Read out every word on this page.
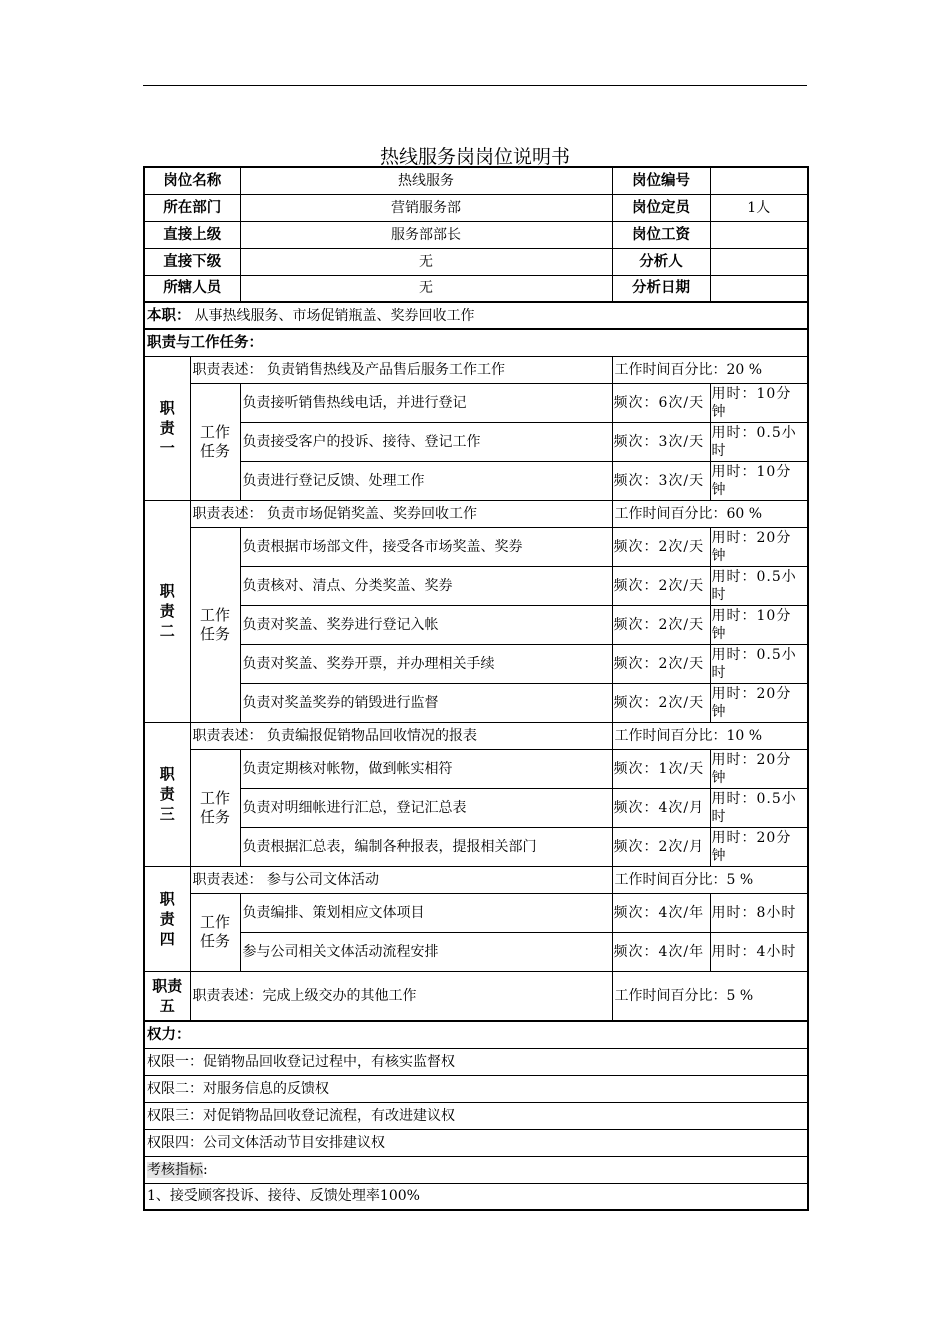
热线服务岗岗位说明书
岗位名称		热线服务	岗位编号	
所在部门		营销服务部	岗位定员	1人
直接上级		服务部部长	岗位工资	
直接下级		无	分析人	
所辖人员		无	分析日期	
本职： 从事热线服务、市场促销瓶盖、奖券回收工作				
职责与工作任务：				
职责一	职责表述： 负责销售热线及产品售后服务工作工作		工作时间百分比：20 %	
	工作任务	负责接听销售热线电话，并进行登记	频次：6次/天	用时：10分钟
		负责接受客户的投诉、接待、登记工作	频次：3次/天	用时：0.5小时
		负责进行登记反馈、处理工作	频次：3次/天	用时：10分钟
职责二	职责表述： 负责市场促销奖盖、奖券回收工作		工作时间百分比：60 %	
	工作任务	负责根据市场部文件，接受各市场奖盖、奖券	频次：2次/天	用时：20分钟
		负责核对、清点、分类奖盖、奖券	频次：2次/天	用时：0.5小时
		负责对奖盖、奖券进行登记入帐	频次：2次/天	用时：10分钟
		负责对奖盖、奖券开票，并办理相关手续	频次：2次/天	用时：0.5小时
		负责对奖盖奖券的销毁进行监督	频次：2次/天	用时：20分钟
职责三	职责表述： 负责编报促销物品回收情况的报表		工作时间百分比：10 %	
	工作任务	负责定期核对帐物，做到帐实相符	频次：1次/天	用时：20分钟
		负责对明细帐进行汇总，登记汇总表	频次：4次/月	用时：0.5小时
		负责根据汇总表，编制各种报表，提报相关部门	频次：2次/月	用时：20分钟
职责四	职责表述： 参与公司文体活动		工作时间百分比：5 %	
	工作任务	负责编排、策划相应文体项目	频次：4次/年	用时：8小时
		参与公司相关文体活动流程安排	频次：4次/年	用时：4小时
职责五	职责表述：完成上级交办的其他工作		工作时间百分比：5 %	
权力：				
权限一：促销物品回收登记过程中，有核实监督权				
权限二：对服务信息的反馈权				
权限三：对促销物品回收登记流程，有改进建议权				
权限四：公司文体活动节目安排建议权				
考核指标:				
1、接受顾客投诉、接待、反馈处理率100%				
